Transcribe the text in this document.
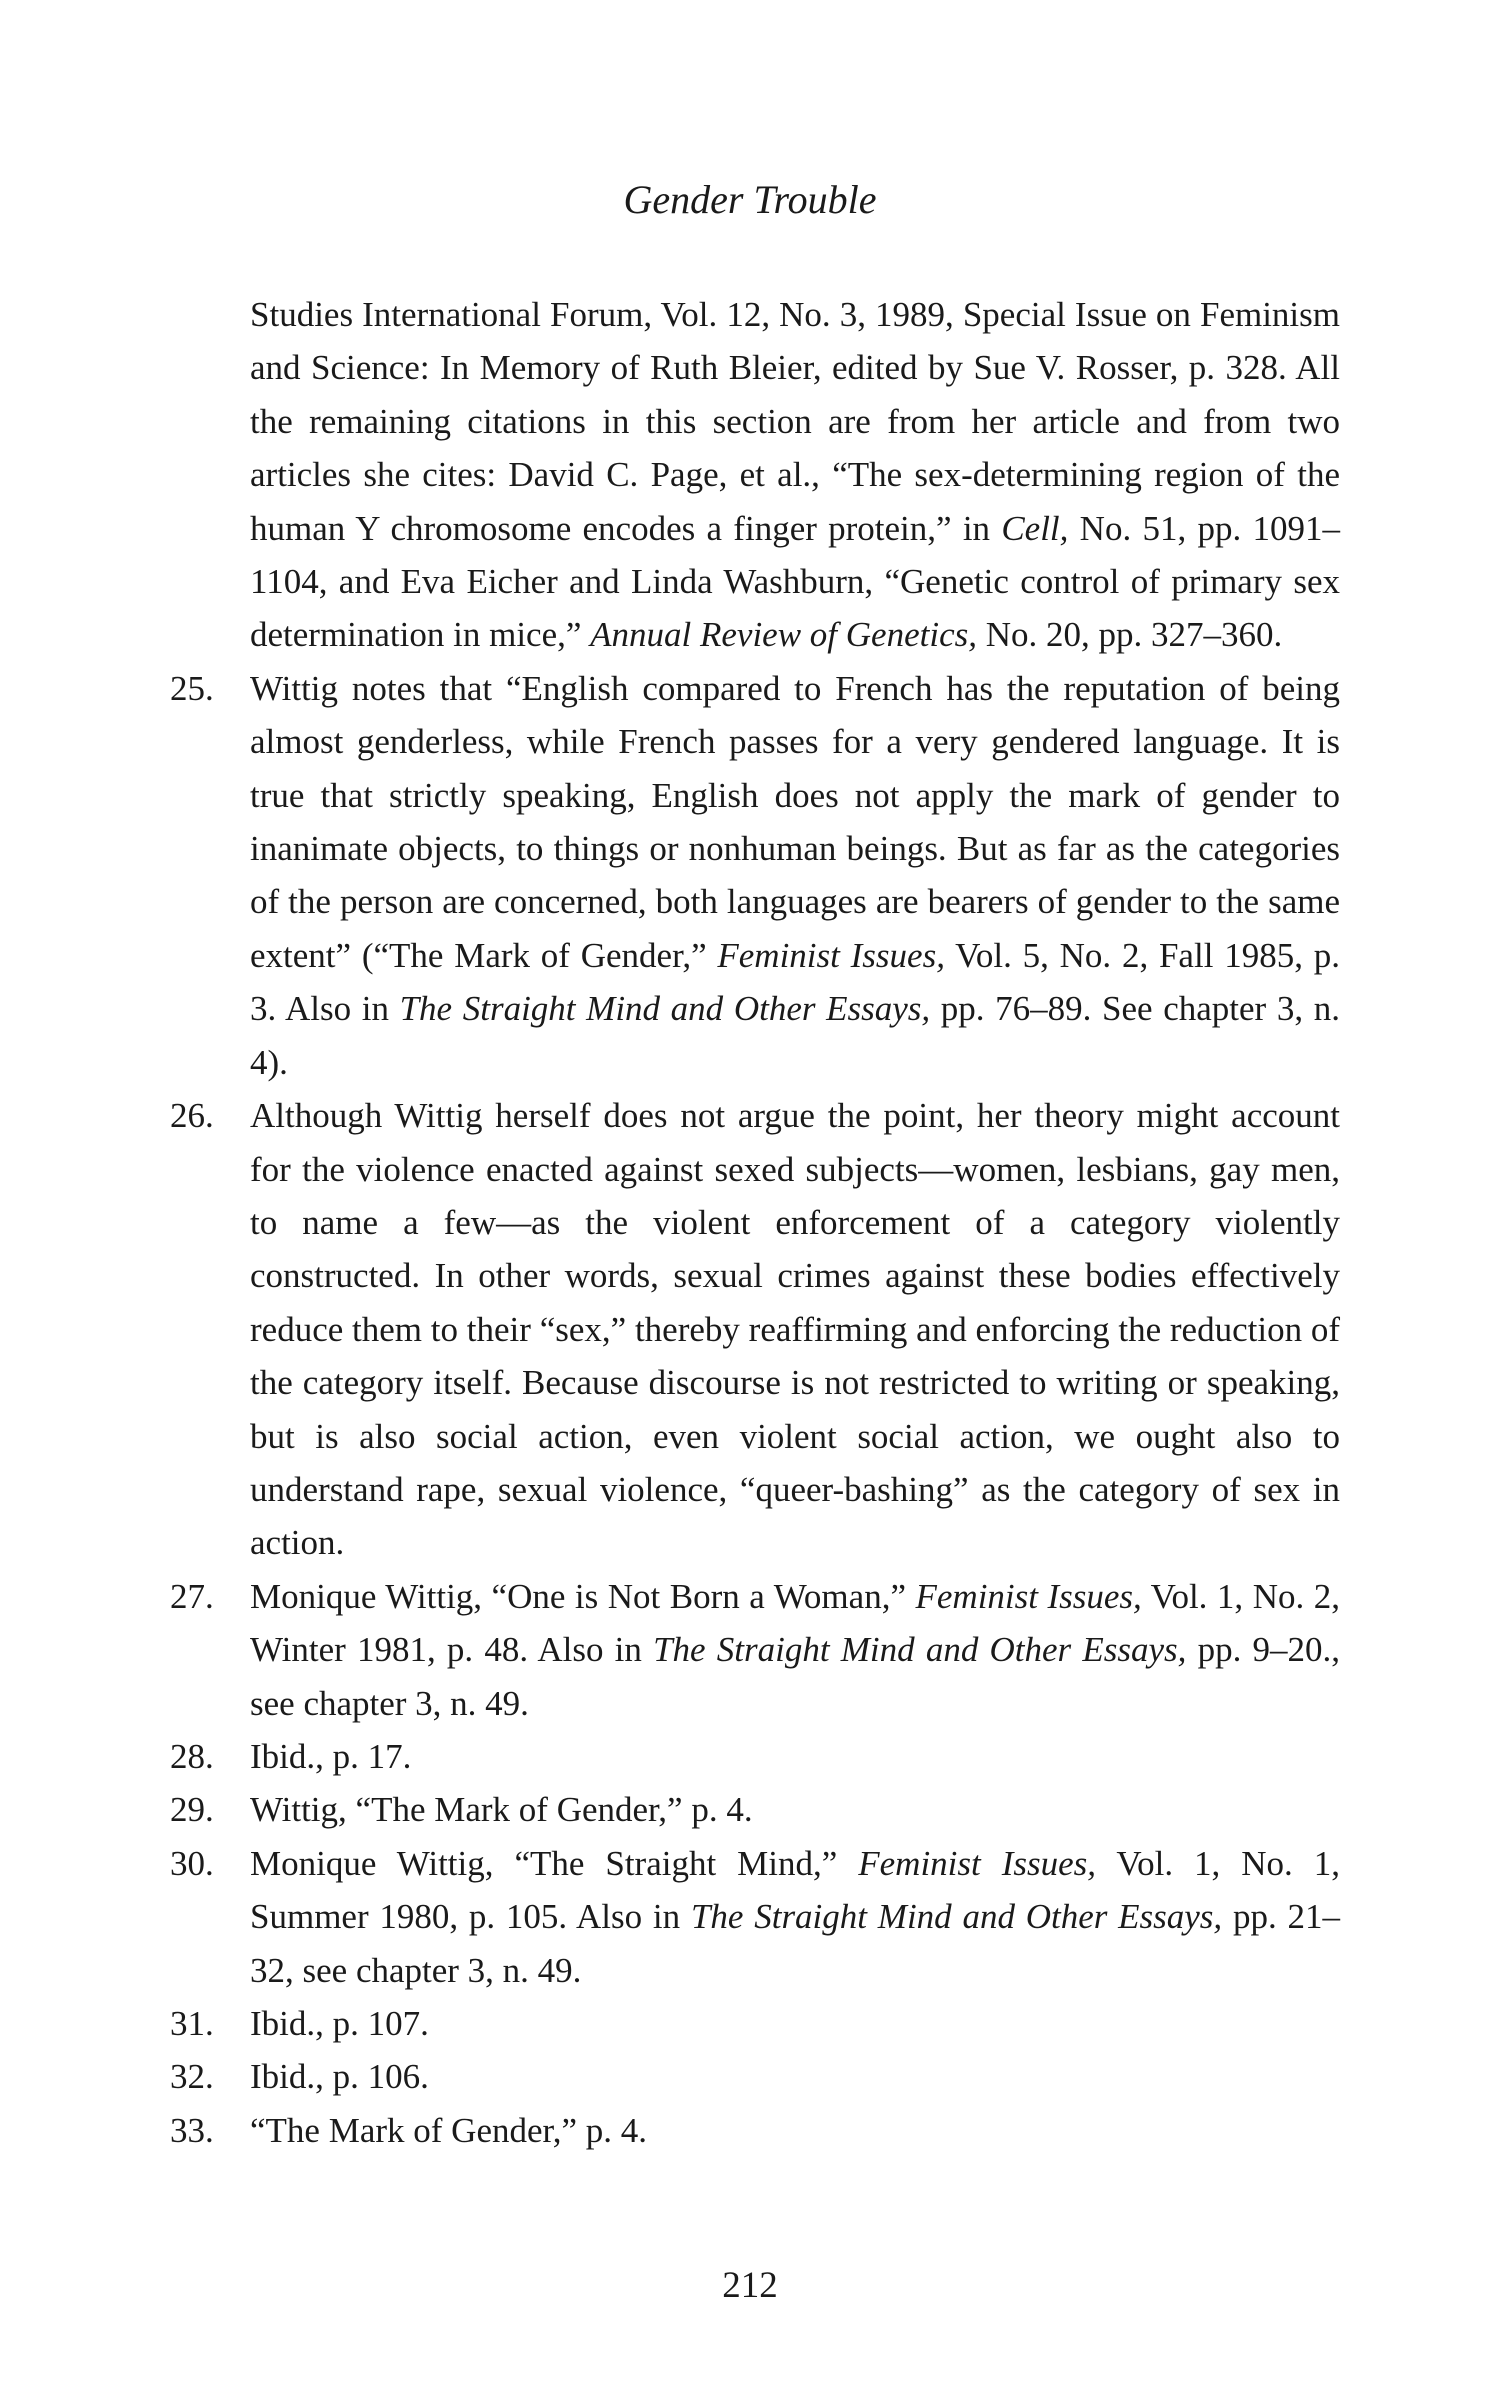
Gender Trouble
Studies International Forum, Vol. 12, No. 3, 1989, Special Issue on Feminism and Science: In Memory of Ruth Bleier, edited by Sue V. Rosser, p. 328. All the remaining citations in this section are from her article and from two articles she cites: David C. Page, et al., “The sex-determining region of the human Y chromosome encodes a finger protein,” in Cell, No. 51, pp. 1091–1104, and Eva Eicher and Linda Washburn, “Genetic control of primary sex determination in mice,” Annual Review of Genetics, No. 20, pp. 327–360.
25.	Wittig notes that “English compared to French has the reputation of being almost genderless, while French passes for a very gendered language. It is true that strictly speaking, English does not apply the mark of gender to inanimate objects, to things or nonhuman beings. But as far as the categories of the person are concerned, both languages are bearers of gender to the same extent” (“The Mark of Gender,” Feminist Issues, Vol. 5, No. 2, Fall 1985, p. 3. Also in The Straight Mind and Other Essays, pp. 76–89. See chapter 3, n. 4).
26.	Although Wittig herself does not argue the point, her theory might account for the violence enacted against sexed subjects—women, lesbians, gay men, to name a few—as the violent enforcement of a category violently constructed. In other words, sexual crimes against these bodies effectively reduce them to their “sex,” thereby reaffirming and enforcing the reduction of the category itself. Because discourse is not restricted to writing or speaking, but is also social action, even violent social action, we ought also to understand rape, sexual violence, “queer-bashing” as the category of sex in action.
27.	Monique Wittig, “One is Not Born a Woman,” Feminist Issues, Vol. 1, No. 2, Winter 1981, p. 48. Also in The Straight Mind and Other Essays, pp. 9–20., see chapter 3, n. 49.
28.	Ibid., p. 17.
29.	Wittig, “The Mark of Gender,” p. 4.
30.	Monique Wittig, “The Straight Mind,” Feminist Issues, Vol. 1, No. 1, Summer 1980, p. 105. Also in The Straight Mind and Other Essays, pp. 21–32, see chapter 3, n. 49.
31.	Ibid., p. 107.
32.	Ibid., p. 106.
33.	“The Mark of Gender,” p. 4.
212
